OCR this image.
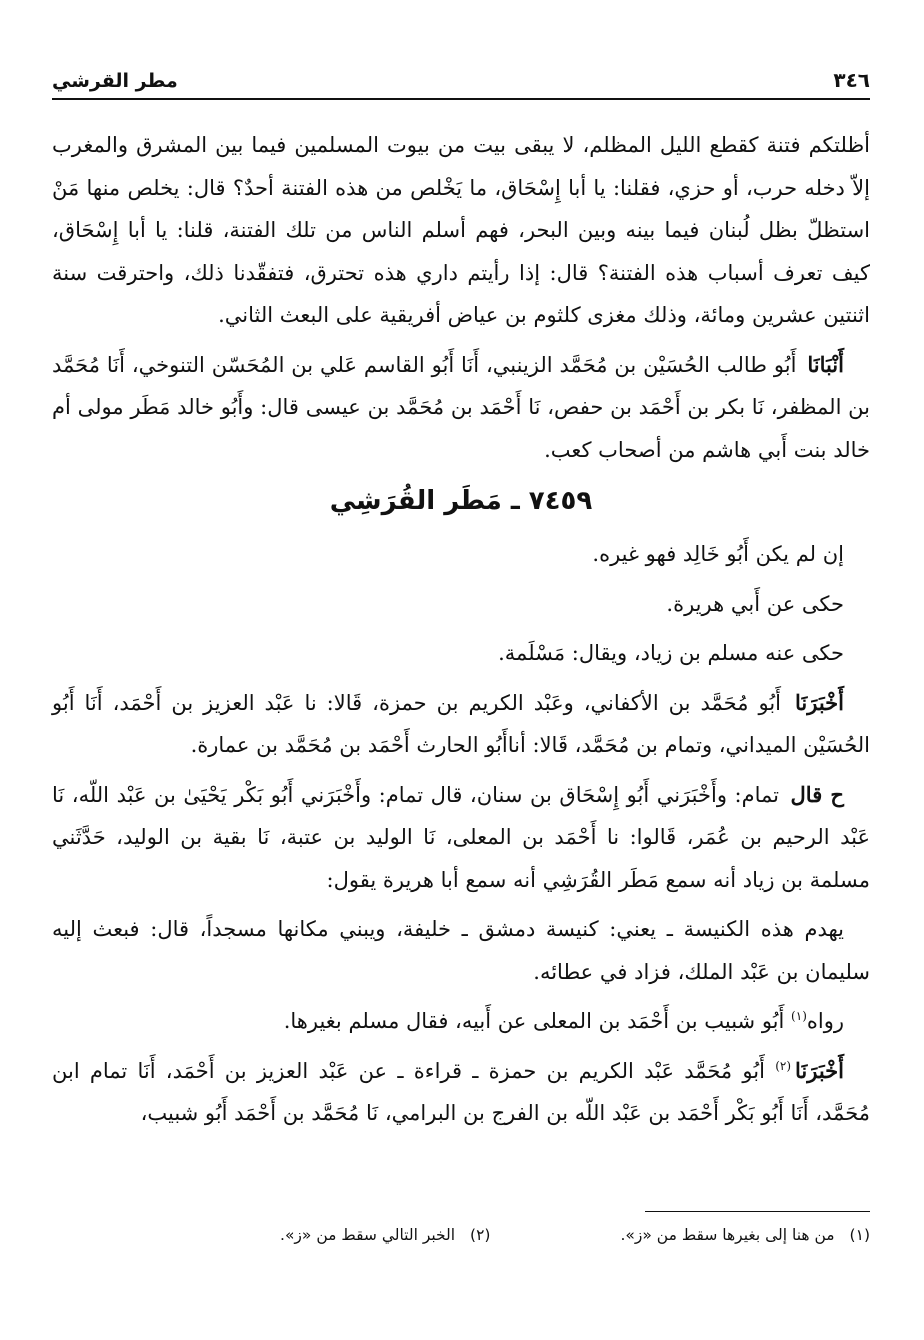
٣٤٦
مطر القرشي

أظلتكم فتنة كقطع الليل المظلم، لا يبقى بيت من بيوت المسلمين فيما بين المشرق والمغرب إلاّ دخله حرب، أو حزي، فقلنا: يا أبا إِسْحَاق، ما يَخْلص من هذه الفتنة أحدٌ؟ قال: يخلص منها مَنْ استظلّ بظل لُبنان فيما بينه وبين البحر، فهم أسلم الناس من تلك الفتنة، قلنا: يا أبا إِسْحَاق، كيف تعرف أسباب هذه الفتنة؟ قال: إذا رأيتم داري هذه تحترق، فتفقّدنا ذلك، واحترقت سنة اثنتين عشرين ومائة، وذلك مغزى كلثوم بن عياض أفريقية على البعث الثاني.

أَنْبَانَا أَبُو طالب الحُسَيْن بن مُحَمَّد الزينبي، أَنَا أَبُو القاسم عَلي بن المُحَسّن التنوخي، أَنَا مُحَمَّد بن المظفر، نَا بكر بن أَحْمَد بن حفص، نَا أَحْمَد بن مُحَمَّد بن عيسى قال: وأَبُو خالد مَطَر مولى أم خالد بنت أَبي هاشم من أصحاب كعب.

٧٤٥٩ ـ مَطَر القُرَشِي

إن لم يكن أَبُو خَالِد فهو غيره.

حكى عن أَبي هريرة.

حكى عنه مسلم بن زياد، ويقال: مَسْلَمة.

أَخْبَرَنَا أَبُو مُحَمَّد بن الأكفاني، وعَبْد الكريم بن حمزة، قَالا: نا عَبْد العزيز بن أَحْمَد، أَنَا أَبُو الحُسَيْن الميداني، وتمام بن مُحَمَّد، قَالا: أناأَبُو الحارث أَحْمَد بن مُحَمَّد بن عمارة.

ح قال تمام: وأَخْبَرَني أَبُو إِسْحَاق بن سنان، قال تمام: وأَخْبَرَني أَبُو بَكْر يَحْيَىٰ بن عَبْد اللّه، نَا عَبْد الرحيم بن عُمَر، قَالوا: نا أَحْمَد بن المعلى، نَا الوليد بن عتبة، نَا بقية بن الوليد، حَدَّثَني مسلمة بن زياد أنه سمع مَطَر القُرَشِي أنه سمع أبا هريرة يقول:

يهدم هذه الكنيسة ـ يعني: كنيسة دمشق ـ خليفة، ويبني مكانها مسجداً، قال: فبعث إليه سليمان بن عَبْد الملك، فزاد في عطائه.

رواه$^{(١)}$ أَبُو شبيب بن أَحْمَد بن المعلى عن أَبيه، فقال مسلم بغيرها.

أَخْبَرَنَا$^{(٢)}$ أَبُو مُحَمَّد عَبْد الكريم بن حمزة ـ قراءة ـ عن عَبْد العزيز بن أَحْمَد، أَنَا تمام ابن مُحَمَّد، أَنَا أَبُو بَكْر أَحْمَد بن عَبْد اللّه بن الفرج بن البرامي، نَا مُحَمَّد بن أَحْمَد أَبُو شبيب،

(١) من هنا إلى بغيرها سقط من «ز».
(٢) الخبر التالي سقط من «ز».
